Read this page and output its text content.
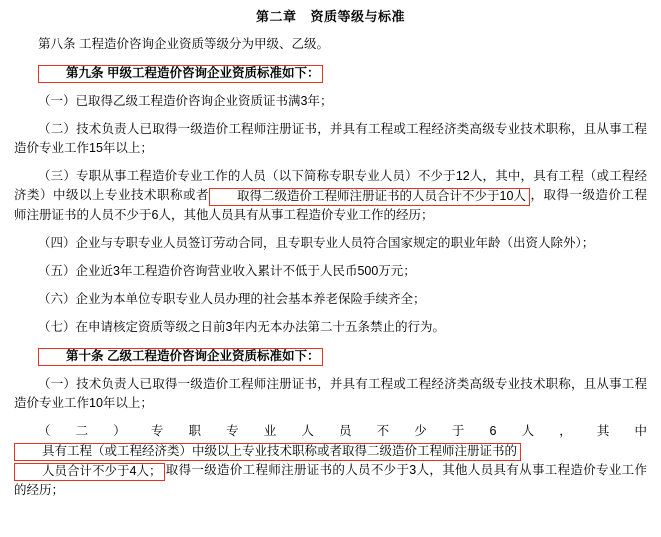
第二章 资质等级与标准

第八条 工程造价咨询企业资质等级分为甲级、乙级。

第九条 甲级工程造价咨询企业资质标准如下：

（一）已取得乙级工程造价咨询企业资质证书满3年；

（二）技术负责人已取得一级造价工程师注册证书，并具有工程或工程经济类高级专业技术职称，且从事工程造价专业工作15年以上；

（三）专职从事工程造价专业工作的人员（以下简称专职专业人员）不少于12人，其中，具有工程（或工程经济类）中级以上专业技术职称或者 取得二级造价工程师注册证书的人员合计不少于10人 ，取得一级造价工程师注册证书的人员不少于6人，其他人员具有从事工程造价专业工作的经历；

（四）企业与专职专业人员签订劳动合同，且专职专业人员符合国家规定的职业年龄（出资人除外）；

（五）企业近3年工程造价咨询营业收入累计不低于人民币500万元；

（六）企业为本单位专职专业人员办理的社会基本养老保险手续齐全；

（七）在申请核定资质等级之日前3年内无本办法第二十五条禁止的行为。

第十条 乙级工程造价咨询企业资质标准如下：

（一）技术负责人已取得一级造价工程师注册证书，并具有工程或工程经济类高级专业技术职称，且从事工程造价专业工作10年以上；

（二）专职专业人员不少于6人，其中具有工程（或工程经济类）中级以上专业技术职称或者取得二级造价工程师注册证书的人员合计不少于4人； 取得一级造价工程师注册证书的人员不少于3人，其他人员具有从事工程造价专业工作的经历；
